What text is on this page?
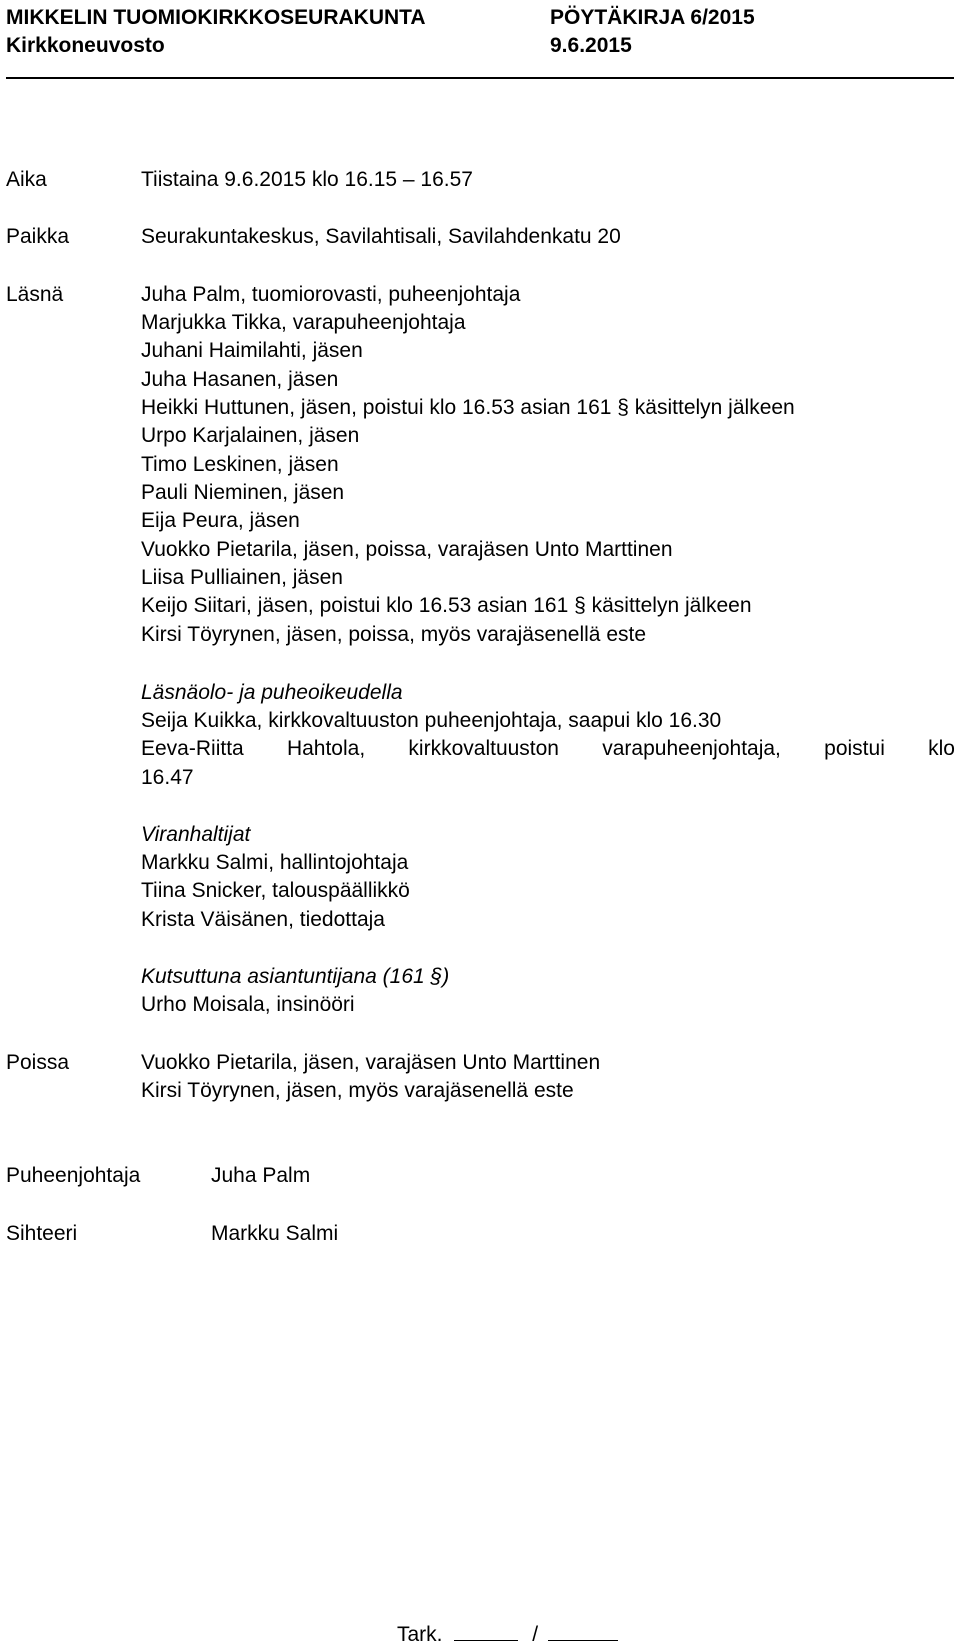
MIKKELIN TUOMIOKIRKKOSEURAKUNTA	PÖYTÄKIRJA 6/2015
Kirkkoneuvosto	9.6.2015
Aika	Tiistaina 9.6.2015 klo 16.15 – 16.57
Paikka	Seurakuntakeskus, Savilahtisali, Savilahdenkatu 20
Läsnä	Juha Palm, tuomiorovasti, puheenjohtaja
Marjukka Tikka, varapuheenjohtaja
Juhani Haimilahti, jäsen
Juha Hasanen, jäsen
Heikki Huttunen, jäsen, poistui klo 16.53 asian 161 § käsittelyn jälkeen
Urpo Karjalainen, jäsen
Timo Leskinen, jäsen
Pauli Nieminen, jäsen
Eija Peura, jäsen
Vuokko Pietarila, jäsen, poissa, varajäsen Unto Marttinen
Liisa Pulliainen, jäsen
Keijo Siitari, jäsen, poistui klo 16.53 asian 161 § käsittelyn jälkeen
Kirsi Töyrynen, jäsen, poissa, myös varajäsenellä este
Läsnäolo- ja puheoikeudella
Seija Kuikka, kirkkovaltuuston puheenjohtaja, saapui klo 16.30
Eeva-Riitta Hahtola, kirkkovaltuuston varapuheenjohtaja, poistui klo
16.47
Viranhaltijat
Markku Salmi, hallintojohtaja
Tiina Snicker, talouspäällikkö
Krista Väisänen, tiedottaja
Kutsuttuna asiantuntijana (161 §)
Urho Moisala, insinööri
Poissa	Vuokko Pietarila, jäsen, varajäsen Unto Marttinen
Kirsi Töyrynen, jäsen, myös varajäsenellä este
Puheenjohtaja	Juha Palm
Sihteeri	Markku Salmi
Tark.	/
